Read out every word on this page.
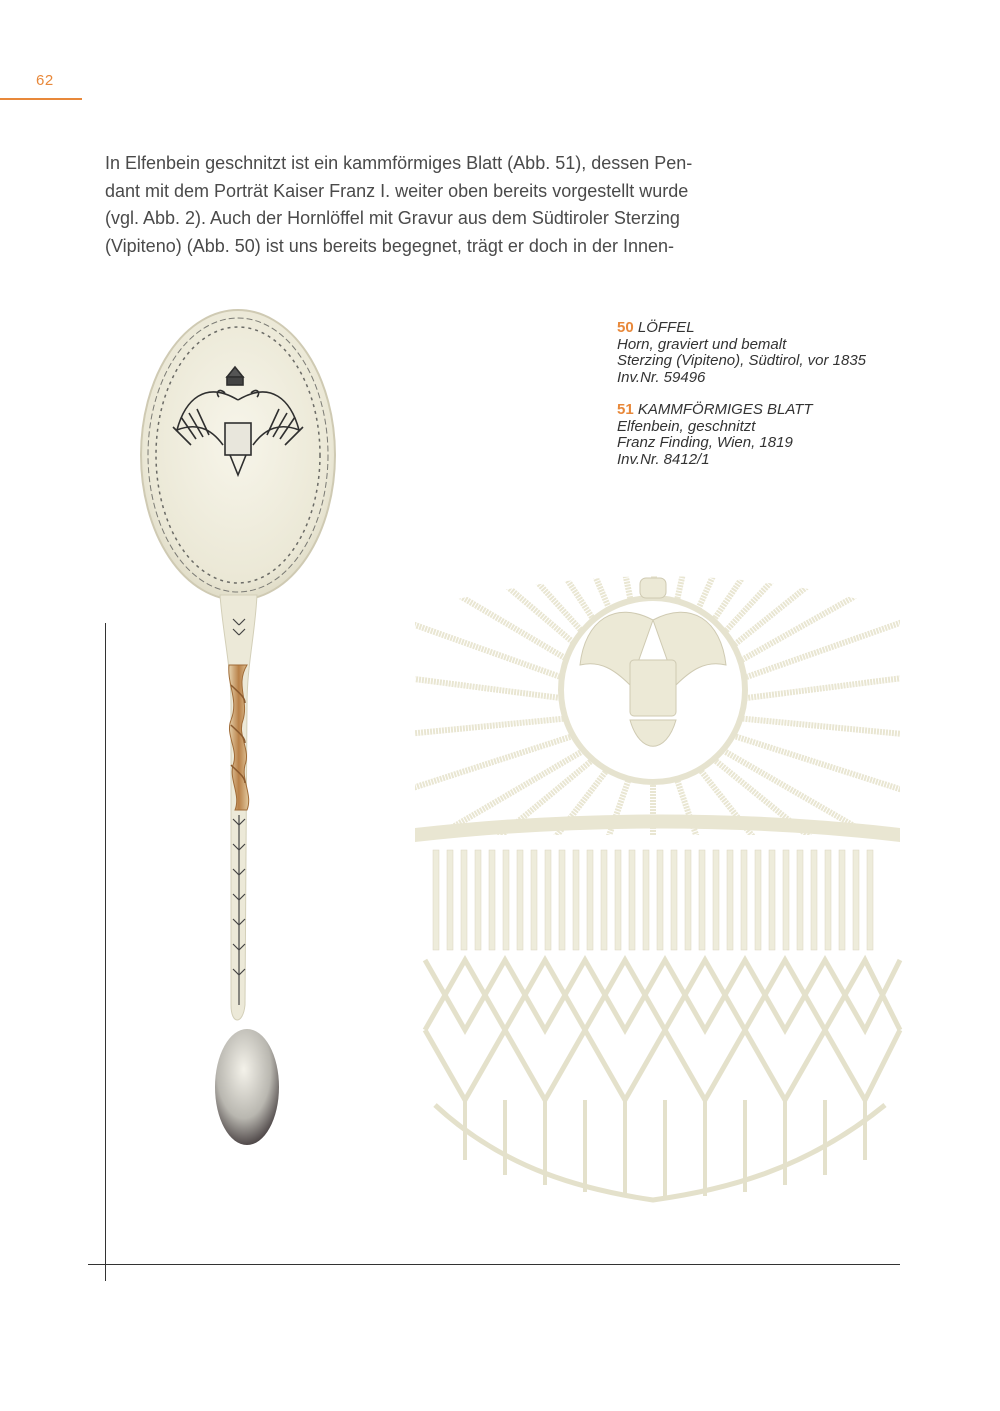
62

In Elfenbein geschnitzt ist ein kammförmiges Blatt (Abb. 51), dessen Pen-

dant mit dem Porträt Kaiser Franz I. weiter oben bereits vorgestellt wurde

(vgl. Abb. 2). Auch der Hornlöffel mit Gravur aus dem Südtiroler Sterzing

(Vipiteno) (Abb. 50) ist uns bereits begegnet, trägt er doch in der Innen-

50 LÖFFEL
Horn, graviert und bemalt
Sterzing (Vipiteno), Südtirol, vor 1835
Inv.Nr. 59496
51 KAMMFÖRMIGES BLATT
Elfenbein, geschnitzt
Franz Finding, Wien, 1819
Inv.Nr. 8412/1
